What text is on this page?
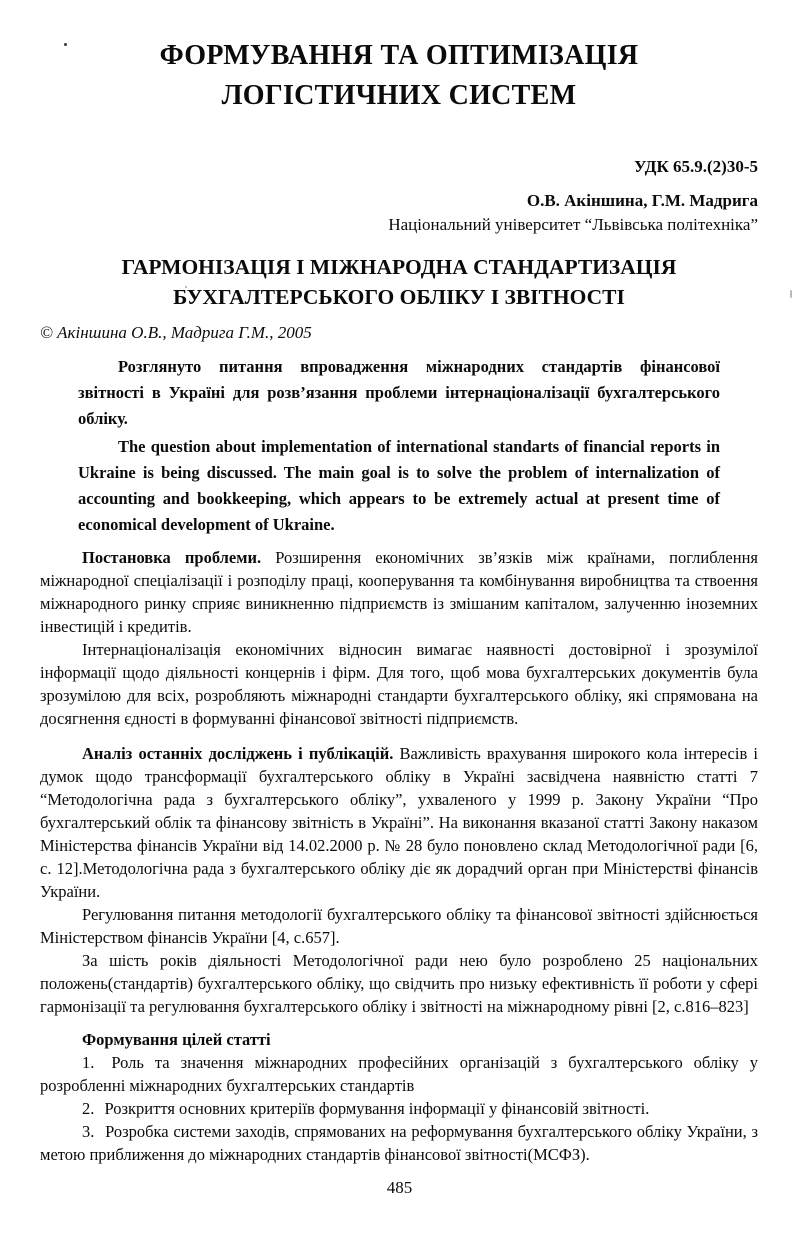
ФОРМУВАННЯ ТА ОПТИМІЗАЦІЯ
ЛОГІСТИЧНИХ СИСТЕМ
УДК 65.9.(2)30-5
О.В. Акіншина, Г.М. Мадрига
Національний університет “Львівська політехніка”
ГАРМОНІЗАЦІЯ І МІЖНАРОДНА СТАНДАРТИЗАЦІЯ
БУХГАЛТЕРСЬКОГО ОБЛІКУ І ЗВІТНОСТІ
© Акіншина О.В., Мадрига Г.М., 2005
Розглянуто питання впровадження міжнародних стандартів фінансової звітності в Україні для розв’язання проблеми інтернаціоналізації бухгалтерського обліку.
The question about implementation of international standarts of financial reports in Ukraine is being discussed. The main goal is to solve the problem of internalization of accounting and bookkeeping, which appears to be extremely actual at present time of economical development of Ukraine.
Постановка проблеми. Розширення економічних зв’язків між країнами, поглиблення міжнародної спеціалізації і розподілу праці, кооперування та комбінування виробництва та ствоення міжнародного ринку сприяє виникненню підприємств із змішаним капіталом, залученню іноземних інвестицій і кредитів.
Інтернаціоналізація економічних відносин вимагає наявності достовірної і зрозумілої інформації щодо діяльності концернів і фірм. Для того, щоб мова бухгалтерських документів була зрозумілою для всіх, розробляють міжнародні стандарти бухгалтерського обліку, які спрямована на досягнення єдності в формуванні фінансової звітності підприємств.
Аналіз останніх досліджень і публікацій. Важливість врахування широкого кола інтересів і думок щодо трансформації бухгалтерського обліку в Україні засвідчена наявністю статті 7 “Методологічна рада з бухгалтерського обліку”, ухваленого у 1999 р. Закону України “Про бухгалтерський облік та фінансову звітність в Україні”. На виконання вказаної статті Закону наказом Міністерства фінансів України від 14.02.2000 р. № 28 було поновлено склад Методологічної ради [6, с. 12].Методологічна рада з бухгалтерського обліку діє як дорадчий орган при Міністерстві фінансів України.
Регулювання питання методології бухгалтерського обліку та фінансової звітності здійснюється Міністерством фінансів України [4, с.657].
За шість років діяльності Методологічної ради нею було розроблено 25 національних положень(стандартів) бухгалтерського обліку, що свідчить про низьку ефективність її роботи у сфері гармонізації та регулювання бухгалтерського обліку і звітності на міжнародному рівні [2, с.816–823]
Формування цілей статті
1. Роль та значення міжнародних професійних організацій з бухгалтерського обліку у розробленні міжнародних бухгалтерських стандартів
2. Розкриття основних критеріїв формування інформації у фінансовій звітності.
3. Розробка системи заходів, спрямованих на реформування бухгалтерського обліку України, з метою приближення до міжнародних стандартів фінансової звітності(МСФЗ).
485
